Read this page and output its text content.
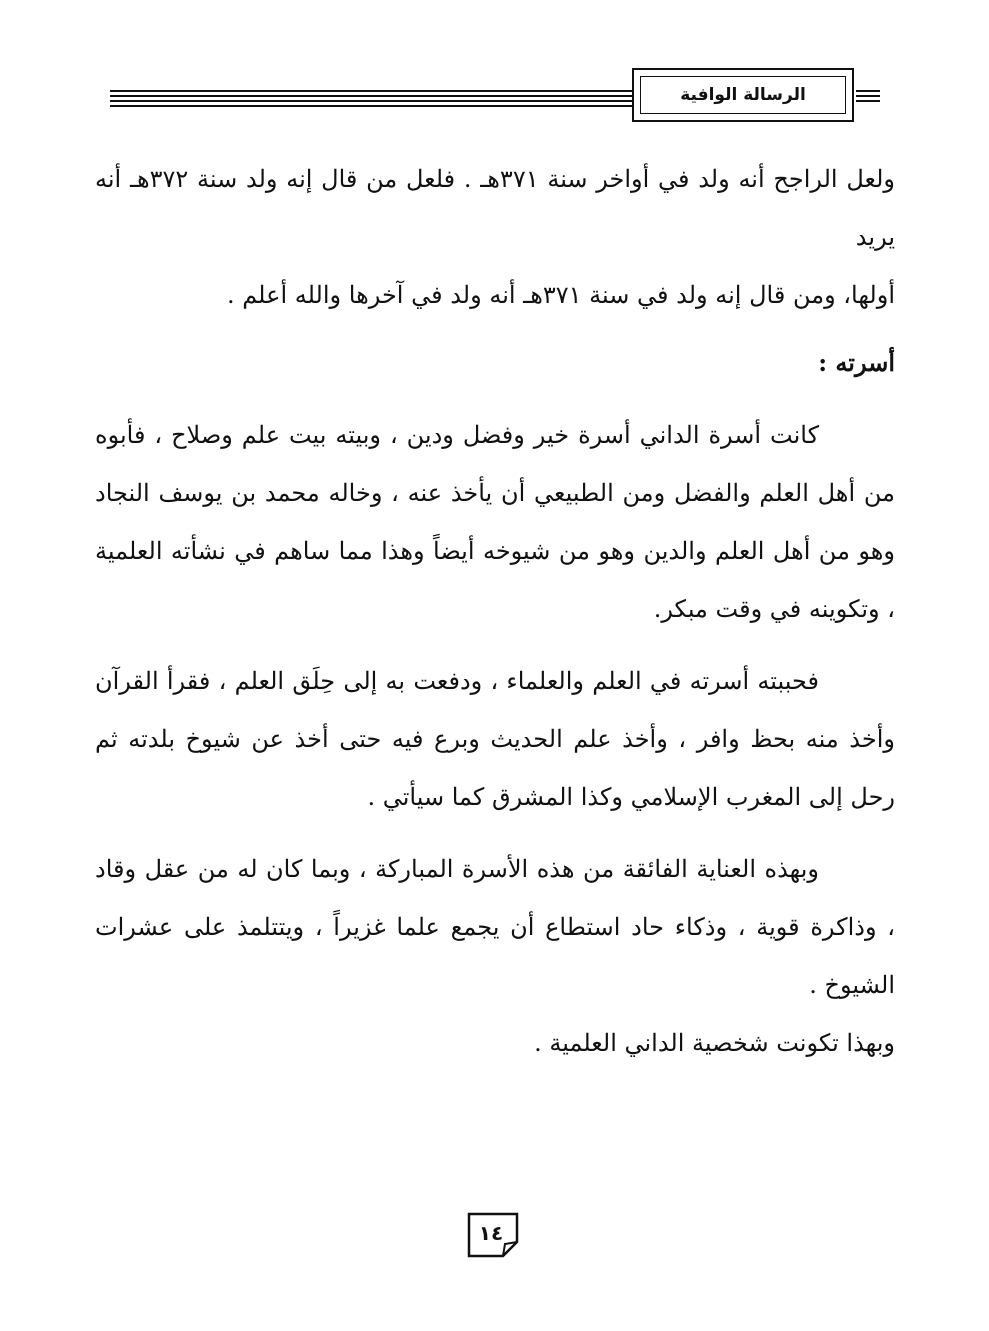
الرسالة الوافية

ولعل الراجح أنه ولد في أواخر سنة ٣٧١هـ . فلعل من قال إنه ولد سنة ٣٧٢هـ أنه يريد

أولها، ومن قال إنه ولد في سنة ٣٧١هـ أنه ولد في آخرها والله أعلم .

أسرته :

كانت أسرة الداني أسرة خير وفضل ودين ، وبيته بيت علم وصلاح ، فأبوه من أهل العلم والفضل ومن الطبيعي أن يأخذ عنه ، وخاله محمد بن يوسف النجاد وهو من أهل العلم والدين وهو من شيوخه أيضاً وهذا مما ساهم في نشأته العلمية ، وتكوينه في وقت مبكر.

فحببته أسرته في العلم والعلماء ، ودفعت به إلى حِلَق العلم ، فقرأ القرآن وأخذ منه بحظ وافر ، وأخذ علم الحديث وبرع فيه حتى أخذ عن شيوخ بلدته ثم رحل إلى المغرب الإسلامي وكذا المشرق كما سيأتي .

وبهذه العناية الفائقة من هذه الأسرة المباركة ، وبما كان له من عقل وقاد ، وذاكرة قوية ، وذكاء حاد استطاع أن يجمع علما غزيراً ، ويتتلمذ على عشرات الشيوخ .

وبهذا تكونت شخصية الداني العلمية .

١٤
